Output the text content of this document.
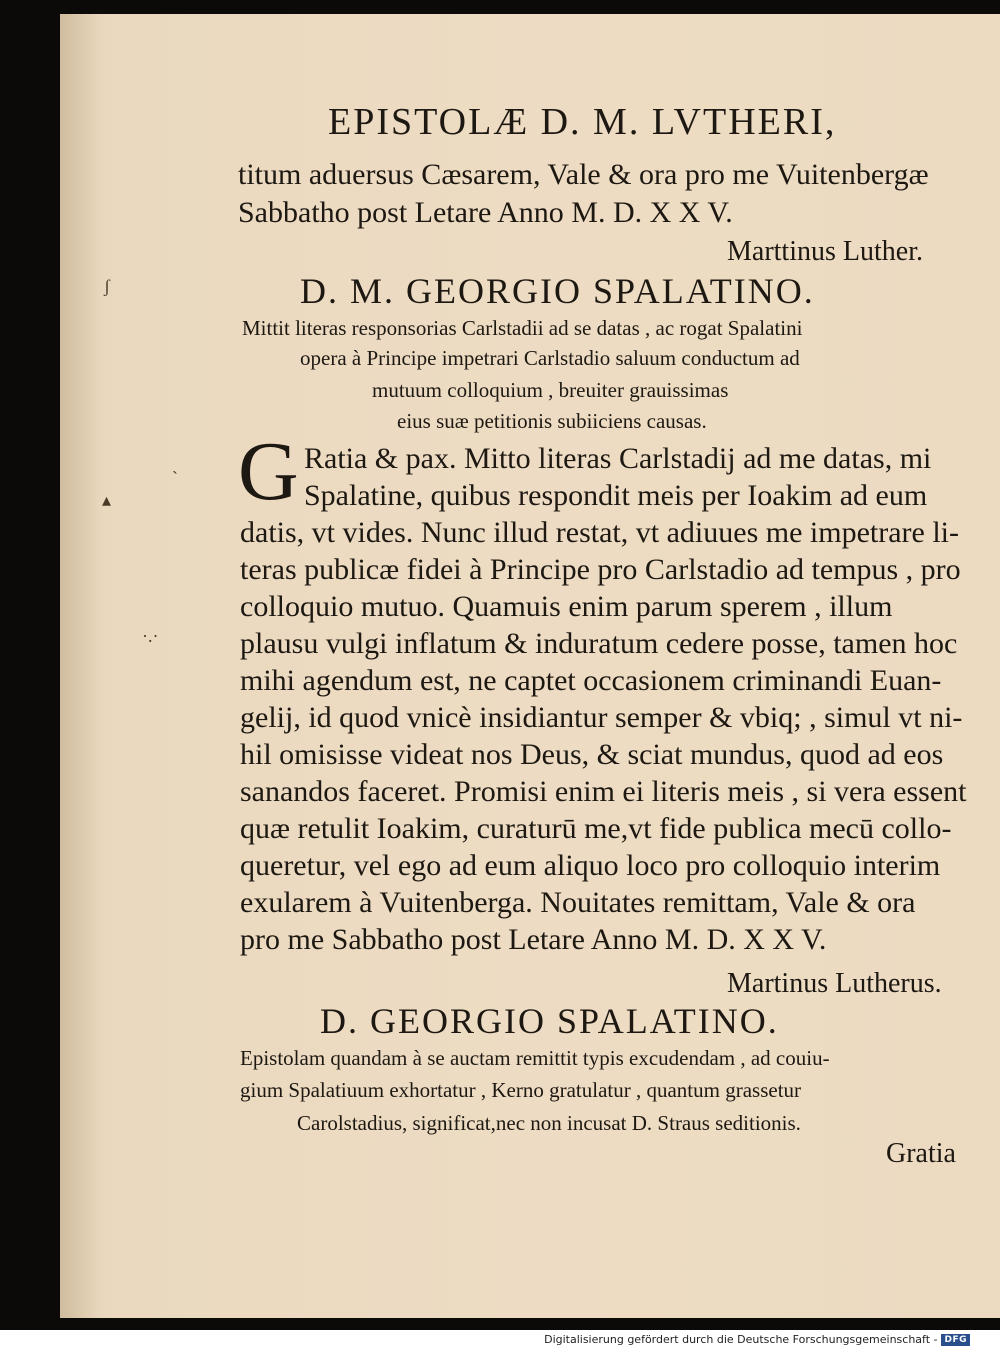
EPISTOLÆ D. M. LVTHERI,
titum aduersus Cæsarem, Vale & ora pro me Vuitenbergæ
Sabbatho post Letare Anno M. D. X X V.
Marttinus Luther.
D. M. GEORGIO SPALATINO.
Mittit literas responsorias Carlstadii ad se datas , ac rogat Spalatini
opera à Principe impetrari Carlstadio saluum conductum ad
mutuum colloquium , breuiter grauissimas
eius suæ petitionis subiiciens causas.
G Ratia & pax. Mitto literas Carlstadij ad me datas, mi
Spalatine, quibus respondit meis per Ioakim ad eum
datis, vt vides. Nunc illud restat, vt adiuues me impetrare li-
teras publicæ fidei à Principe pro Carlstadio ad tempus , pro
colloquio mutuo. Quamuis enim parum sperem , illum
plausu vulgi inflatum & induratum cedere posse, tamen hoc
mihi agendum est, ne captet occasionem criminandi Euan-
gelij, id quod vnicè insidiantur semper & vbiq; , simul vt ni-
hil omisisse videat nos Deus, & sciat mundus, quod ad eos
sanandos faceret. Promisi enim ei literis meis , si vera essent
quæ retulit Ioakim, curaturū me,vt fide publica mecū collo-
queretur, vel ego ad eum aliquo loco pro colloquio interim
exularem à Vuitenberga. Nouitates remittam, Vale & ora
pro me Sabbatho post Letare Anno M. D. X X V.
Martinus Lutherus.
D. GEORGIO SPALATINO.
Epistolam quandam à se auctam remittit typis excudendam , ad couiu-
gium Spalatiuum exhortatur , Kerno gratulatur , quantum grassetur
Carolstadius, significat,nec non incusat D. Straus seditionis.
Gratia
ʃ
ˏ
▴
·.·
Digitalisierung gefördert durch die Deutsche Forschungsgemeinschaft - DFG
